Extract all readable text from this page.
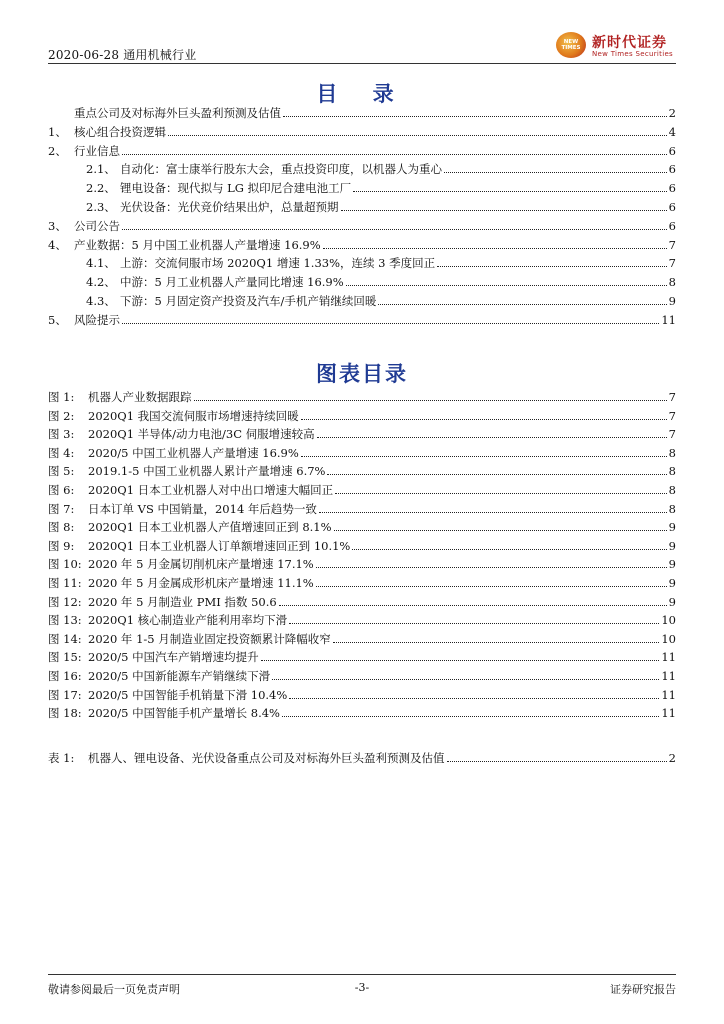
2020-06-28 通用机械行业
NEW TIMES 新时代证券
New Times Securities
目 录
重点公司及对标海外巨头盈利预测及估值	2
1、 核心组合投资逻辑	4
2、 行业信息	6
2.1、 自动化：富士康举行股东大会，重点投资印度，以机器人为重心	6
2.2、 锂电设备：现代拟与 LG 拟印尼合建电池工厂	6
2.3、 光伏设备：光伏竞价结果出炉，总量超预期	6
3、 公司公告	6
4、 产业数据：5 月中国工业机器人产量增速 16.9%	7
4.1、 上游：交流伺服市场 2020Q1 增速 1.33%，连续 3 季度回正	7
4.2、 中游：5 月工业机器人产量同比增速 16.9%	8
4.3、 下游：5 月固定资产投资及汽车/手机产销继续回暖	9
5、 风险提示	11
图表目录
图 1: 机器人产业数据跟踪	7
图 2: 2020Q1 我国交流伺服市场增速持续回暖	7
图 3: 2020Q1 半导体/动力电池/3C 伺服增速较高	7
图 4: 2020/5 中国工业机器人产量增速 16.9%	8
图 5: 2019.1-5 中国工业机器人累计产量增速 6.7%	8
图 6: 2020Q1 日本工业机器人对中出口增速大幅回正	8
图 7: 日本订单 VS 中国销量，2014 年后趋势一致	8
图 8: 2020Q1 日本工业机器人产值增速回正到 8.1%	9
图 9: 2020Q1 日本工业机器人订单额增速回正到 10.1%	9
图 10: 2020 年 5 月金属切削机床产量增速 17.1%	9
图 11: 2020 年 5 月金属成形机床产量增速 11.1%	9
图 12: 2020 年 5 月制造业 PMI 指数 50.6	9
图 13: 2020Q1 核心制造业产能利用率均下滑	10
图 14: 2020 年 1-5 月制造业固定投资额累计降幅收窄	10
图 15: 2020/5 中国汽车产销增速均提升	11
图 16: 2020/5 中国新能源车产销继续下滑	11
图 17: 2020/5 中国智能手机销量下滑 10.4%	11
图 18: 2020/5 中国智能手机产量增长 8.4%	11
表 1: 机器人、锂电设备、光伏设备重点公司及对标海外巨头盈利预测及估值	2
敬请参阅最后一页免责声明	-3-	证券研究报告
